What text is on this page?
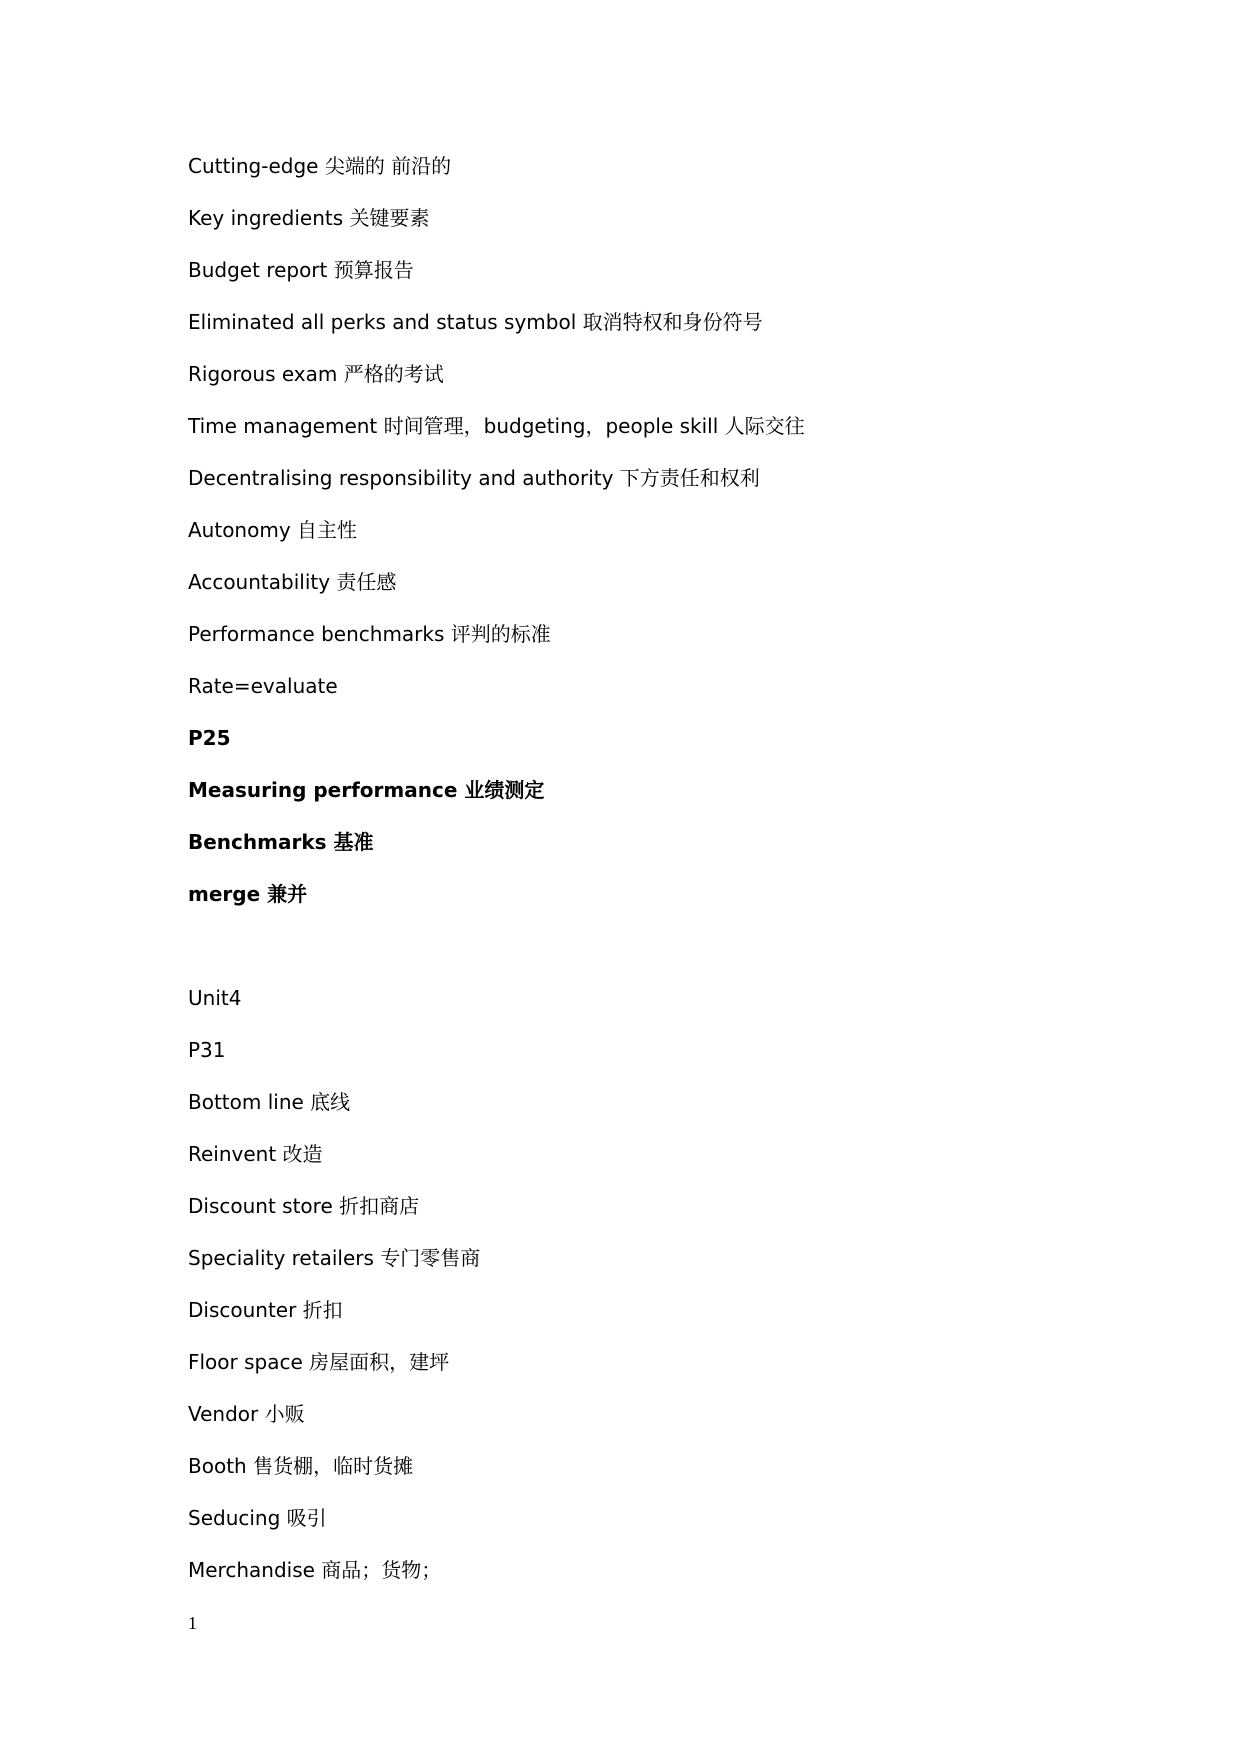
Cutting-edge 尖端的 前沿的
Key ingredients 关键要素
Budget report 预算报告
Eliminated all perks and status symbol 取消特权和身份符号
Rigorous exam 严格的考试
Time management 时间管理，budgeting，people skill 人际交往
Decentralising responsibility and authority 下方责任和权利
Autonomy 自主性
Accountability 责任感
Performance benchmarks 评判的标准
Rate=evaluate
P25
Measuring performance 业绩测定
Benchmarks 基准
merge 兼并
Unit4
P31
Bottom line 底线
Reinvent 改造
Discount store 折扣商店
Speciality retailers 专门零售商
Discounter 折扣
Floor space 房屋面积，建坪
Vendor 小贩
Booth 售货棚，临时货摊
Seducing 吸引
Merchandise 商品；货物；
1
